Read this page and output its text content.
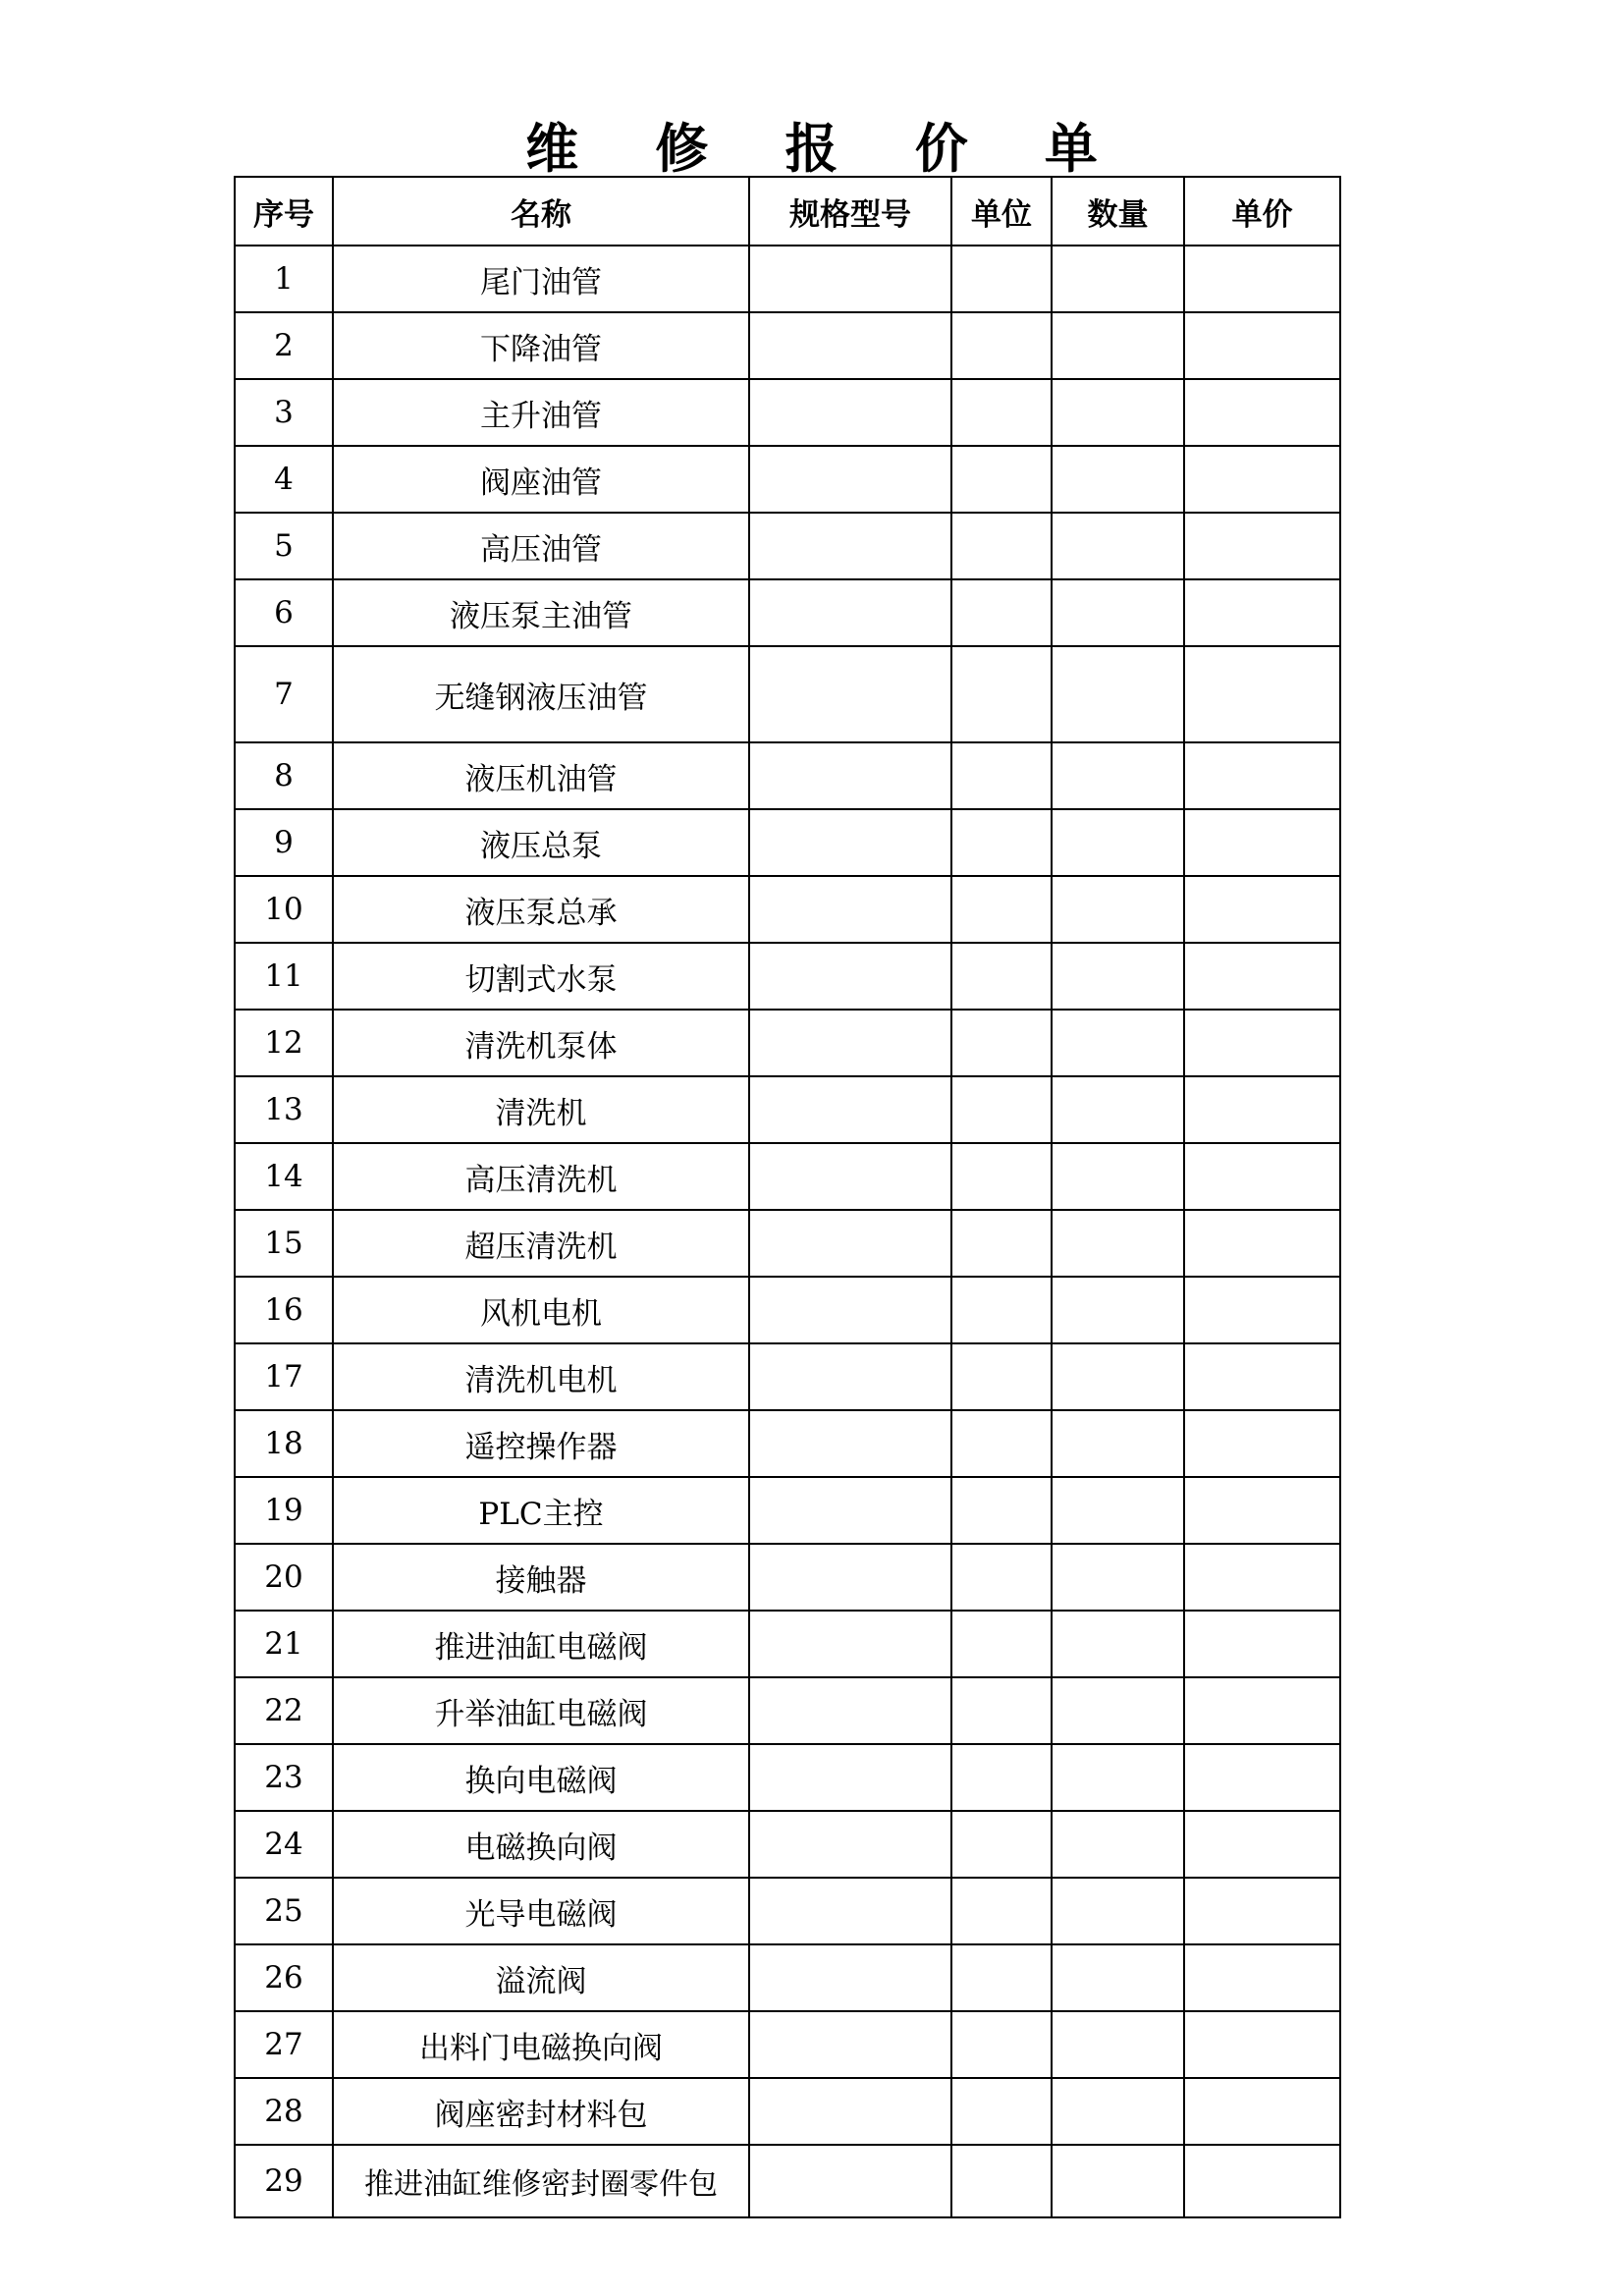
维 修 报 价 单
序号	名称	规格型号	单位	数量	单价
1	尾门油管				
2	下降油管				
3	主升油管				
4	阀座油管				
5	高压油管				
6	液压泵主油管				
7	无缝钢液压油管				
8	液压机油管				
9	液压总泵				
10	液压泵总承				
11	切割式水泵				
12	清洗机泵体				
13	清洗机				
14	高压清洗机				
15	超压清洗机				
16	风机电机				
17	清洗机电机				
18	遥控操作器				
19	PLC主控				
20	接触器				
21	推进油缸电磁阀				
22	升举油缸电磁阀				
23	换向电磁阀				
24	电磁换向阀				
25	光导电磁阀				
26	溢流阀				
27	出料门电磁换向阀				
28	阀座密封材料包				
29	推进油缸维修密封圈零件包				
